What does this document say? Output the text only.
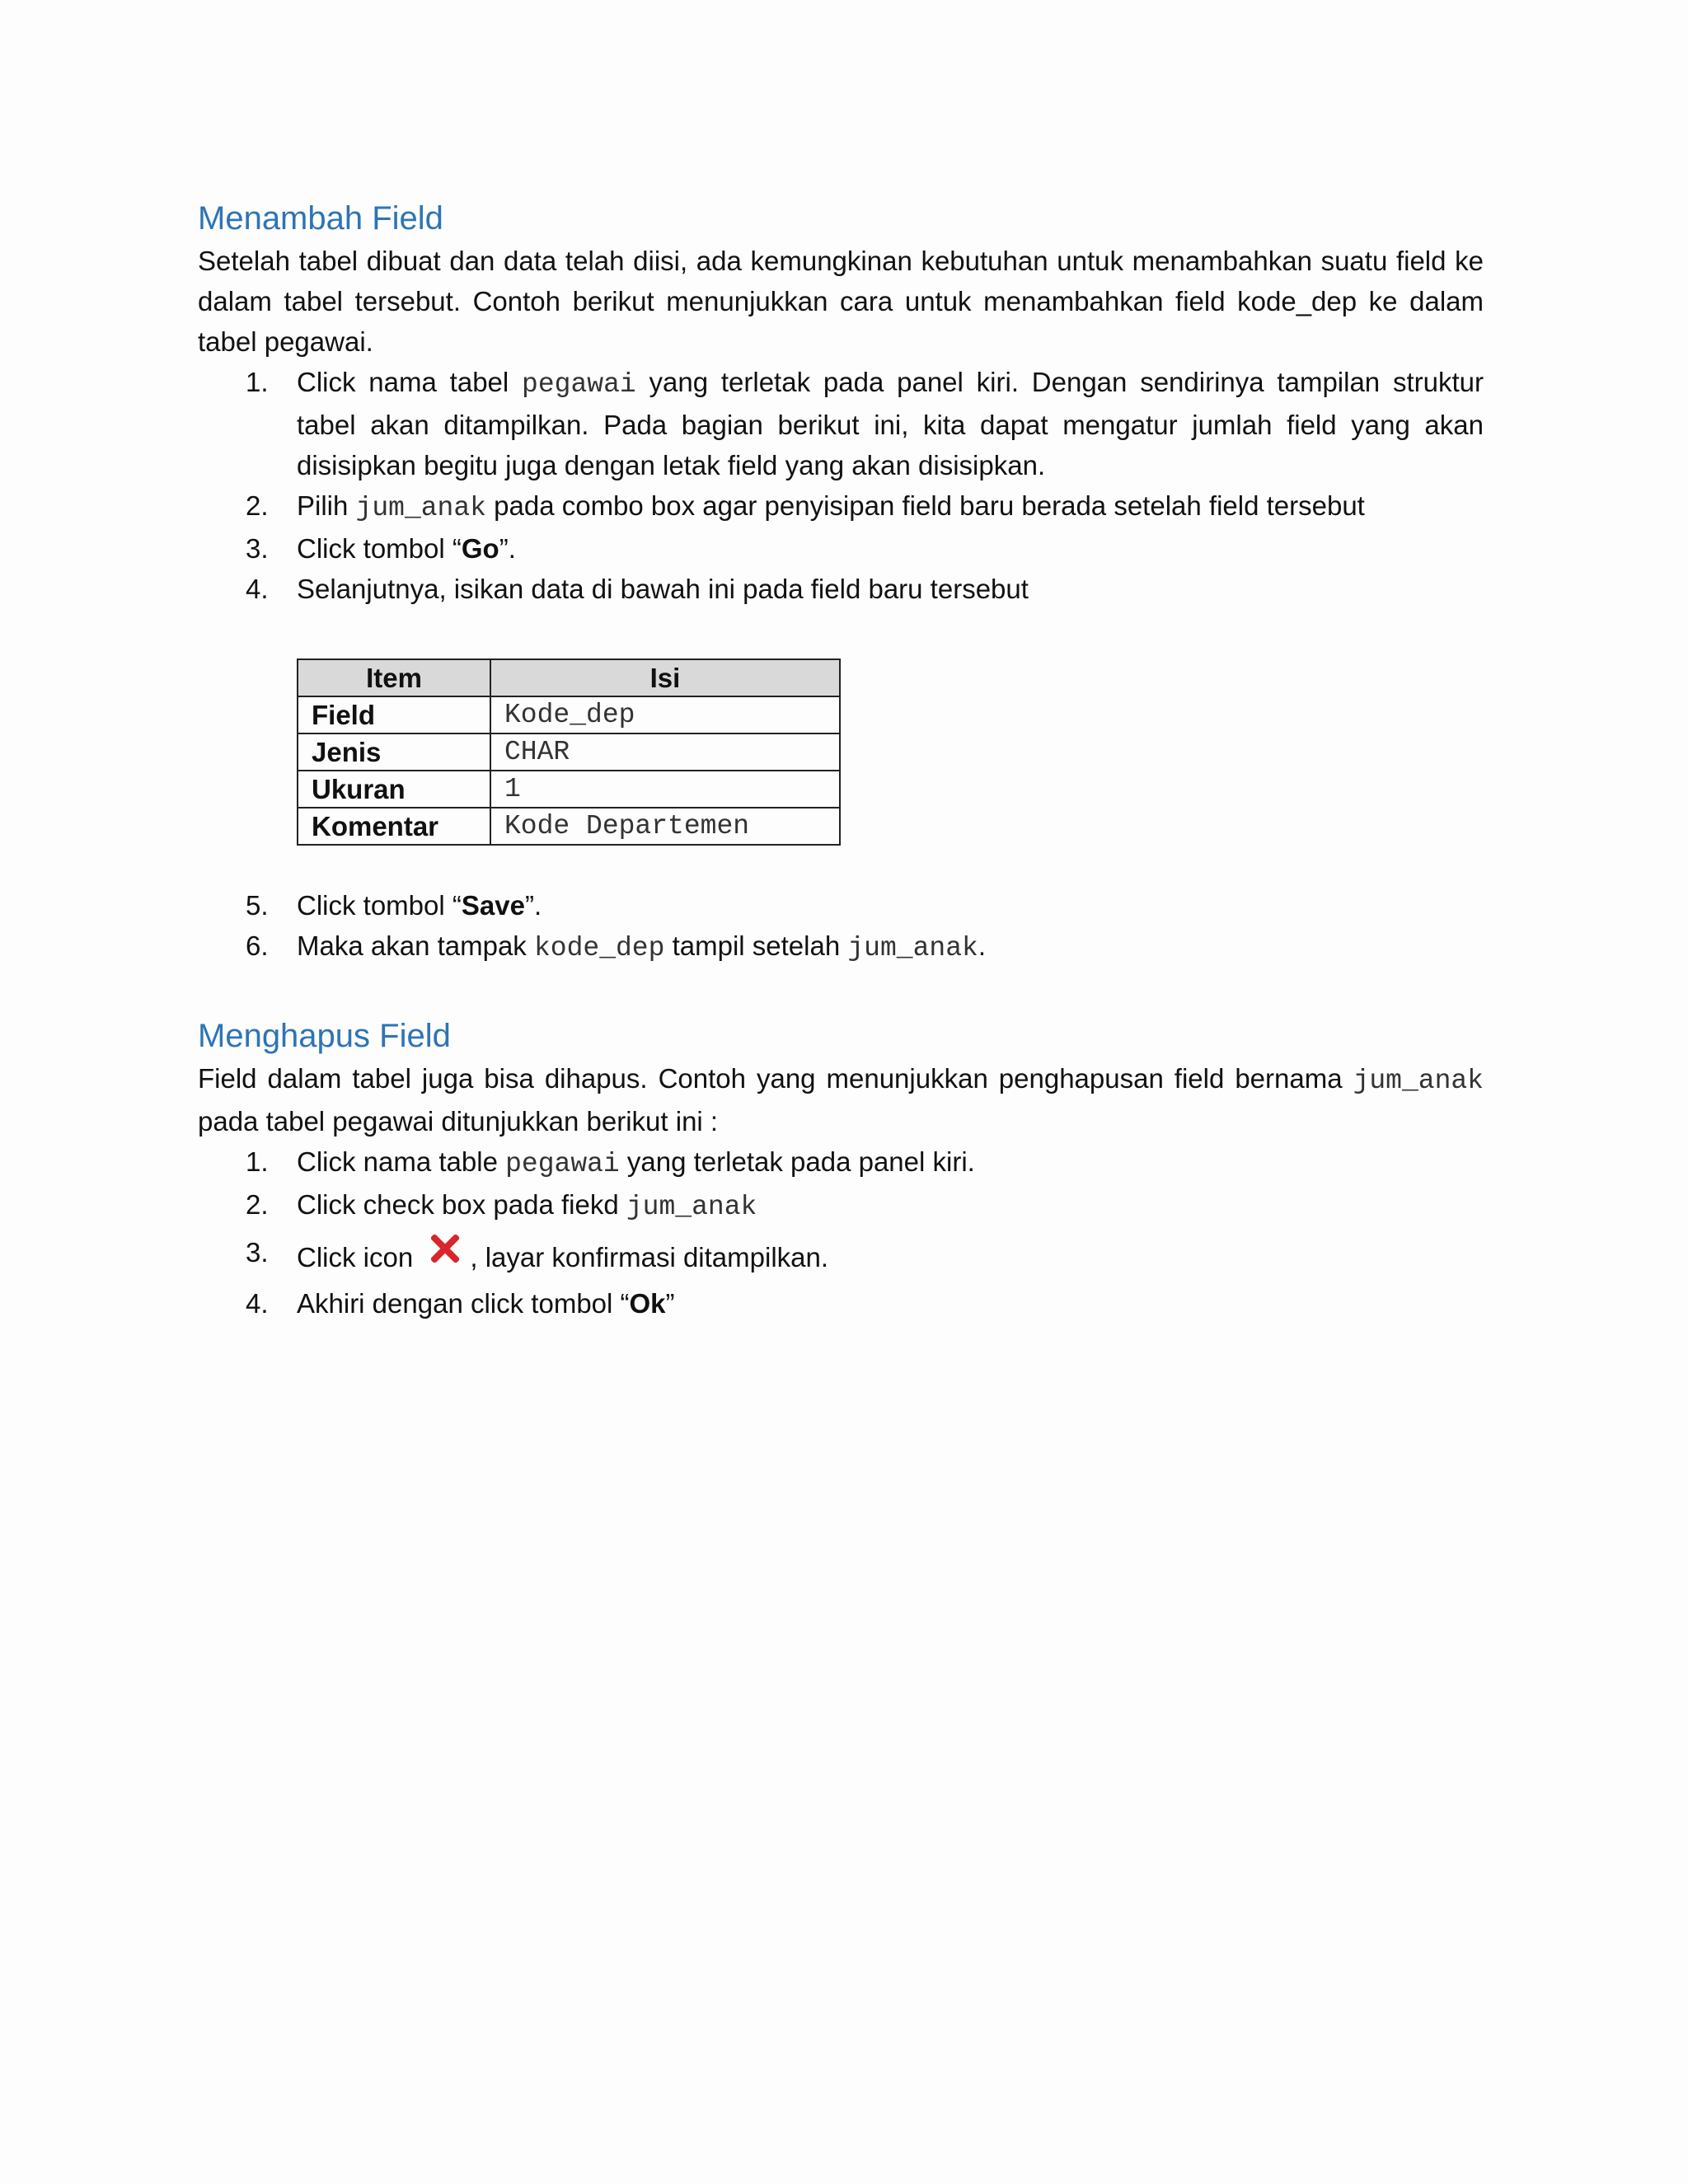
Menambah Field

Setelah tabel dibuat dan data telah diisi, ada kemungkinan kebutuhan untuk menambahkan suatu field ke dalam tabel tersebut. Contoh berikut menunjukkan cara untuk menambahkan field kode_dep ke dalam tabel pegawai.

1. Click nama tabel pegawai yang terletak pada panel kiri. Dengan sendirinya tampilan struktur tabel akan ditampilkan. Pada bagian berikut ini, kita dapat mengatur jumlah field yang akan disisipkan begitu juga dengan letak field yang akan disisipkan.
2. Pilih jum_anak pada combo box agar penyisipan field baru berada setelah field tersebut
3. Click tombol “Go”.
4. Selanjutnya, isikan data di bawah ini pada field baru tersebut
Item	Isi
Field	Kode_dep
Jenis	CHAR
Ukuran	1
Komentar	Kode Departemen
5. Click tombol “Save”.
6. Maka akan tampak kode_dep tampil setelah jum_anak.
Menghapus Field

Field dalam tabel juga bisa dihapus. Contoh yang menunjukkan penghapusan field bernama jum_anak pada tabel pegawai ditunjukkan berikut ini :

1. Click nama table pegawai yang terletak pada panel kiri.
2. Click check box pada fiekd jum_anak
3. Click icon , layar konfirmasi ditampilkan.
4. Akhiri dengan click tombol “Ok”
